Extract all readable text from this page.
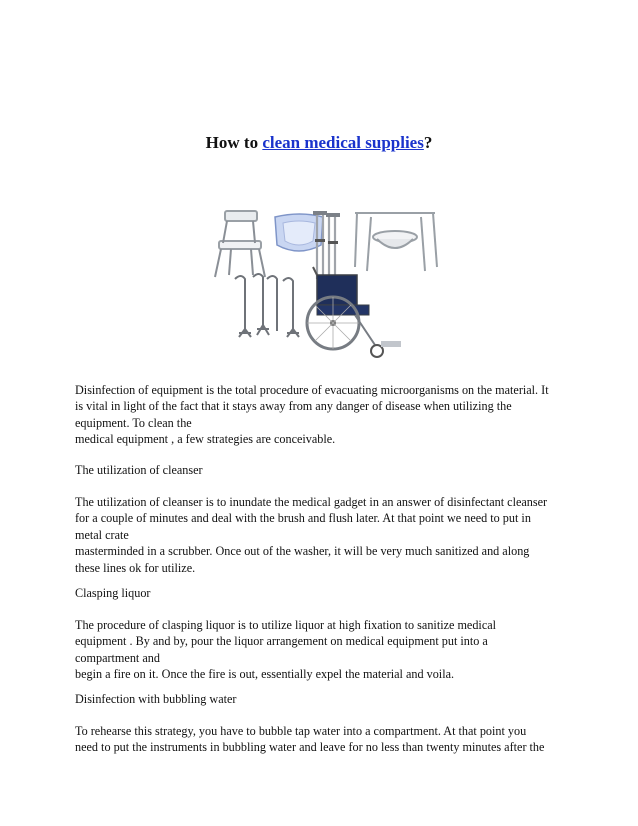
How to clean medical supplies?

Disinfection of equipment is the total procedure of evacuating microorganisms on the material. It

is vital in light of the fact that it stays away from any danger of disease when utilizing the

equipment. To clean the

medical equipment , a few strategies are conceivable.

The utilization of cleanser

The utilization of cleanser is to inundate the medical gadget in an answer of disinfectant cleanser

for a couple of minutes and deal with the brush and flush later. At that point we need to put in

metal crate

masterminded in a scrubber. Once out of the washer, it will be very much sanitized and along

these lines ok for utilize.

Clasping liquor

The procedure of clasping liquor is to utilize liquor at high fixation to sanitize medical

equipment . By and by, pour the liquor arrangement on medical equipment put into a

compartment and

begin a fire on it. Once the fire is out, essentially expel the material and voila.

Disinfection with bubbling water

To rehearse this strategy, you have to bubble tap water into a compartment. At that point you

need to put the instruments in bubbling water and leave for no less than twenty minutes after the
